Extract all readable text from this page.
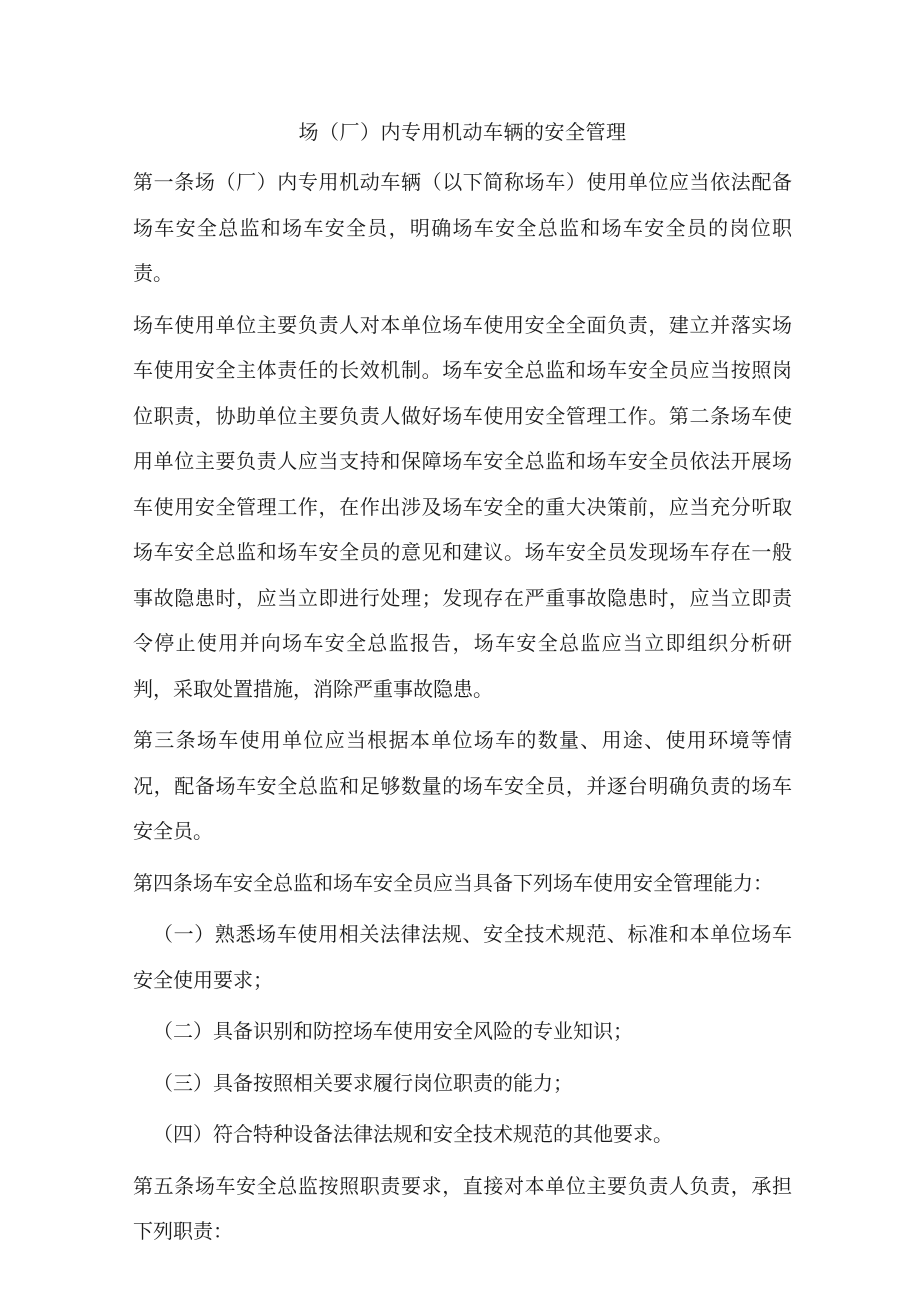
场（厂）内专用机动车辆的安全管理

第一条场（厂）内专用机动车辆（以下简称场车）使用单位应当依法配备场车安全总监和场车安全员，明确场车安全总监和场车安全员的岗位职责。

场车使用单位主要负责人对本单位场车使用安全全面负责，建立并落实场车使用安全主体责任的长效机制。场车安全总监和场车安全员应当按照岗位职责，协助单位主要负责人做好场车使用安全管理工作。第二条场车使用单位主要负责人应当支持和保障场车安全总监和场车安全员依法开展场车使用安全管理工作，在作出涉及场车安全的重大决策前，应当充分听取场车安全总监和场车安全员的意见和建议。场车安全员发现场车存在一般事故隐患时，应当立即进行处理；发现存在严重事故隐患时，应当立即责令停止使用并向场车安全总监报告，场车安全总监应当立即组织分析研判，采取处置措施，消除严重事故隐患。

第三条场车使用单位应当根据本单位场车的数量、用途、使用环境等情况，配备场车安全总监和足够数量的场车安全员，并逐台明确负责的场车安全员。

第四条场车安全总监和场车安全员应当具备下列场车使用安全管理能力：

（一）熟悉场车使用相关法律法规、安全技术规范、标准和本单位场车安全使用要求；

（二）具备识别和防控场车使用安全风险的专业知识；

（三）具备按照相关要求履行岗位职责的能力；

（四）符合特种设备法律法规和安全技术规范的其他要求。

第五条场车安全总监按照职责要求，直接对本单位主要负责人负责，承担下列职责：
